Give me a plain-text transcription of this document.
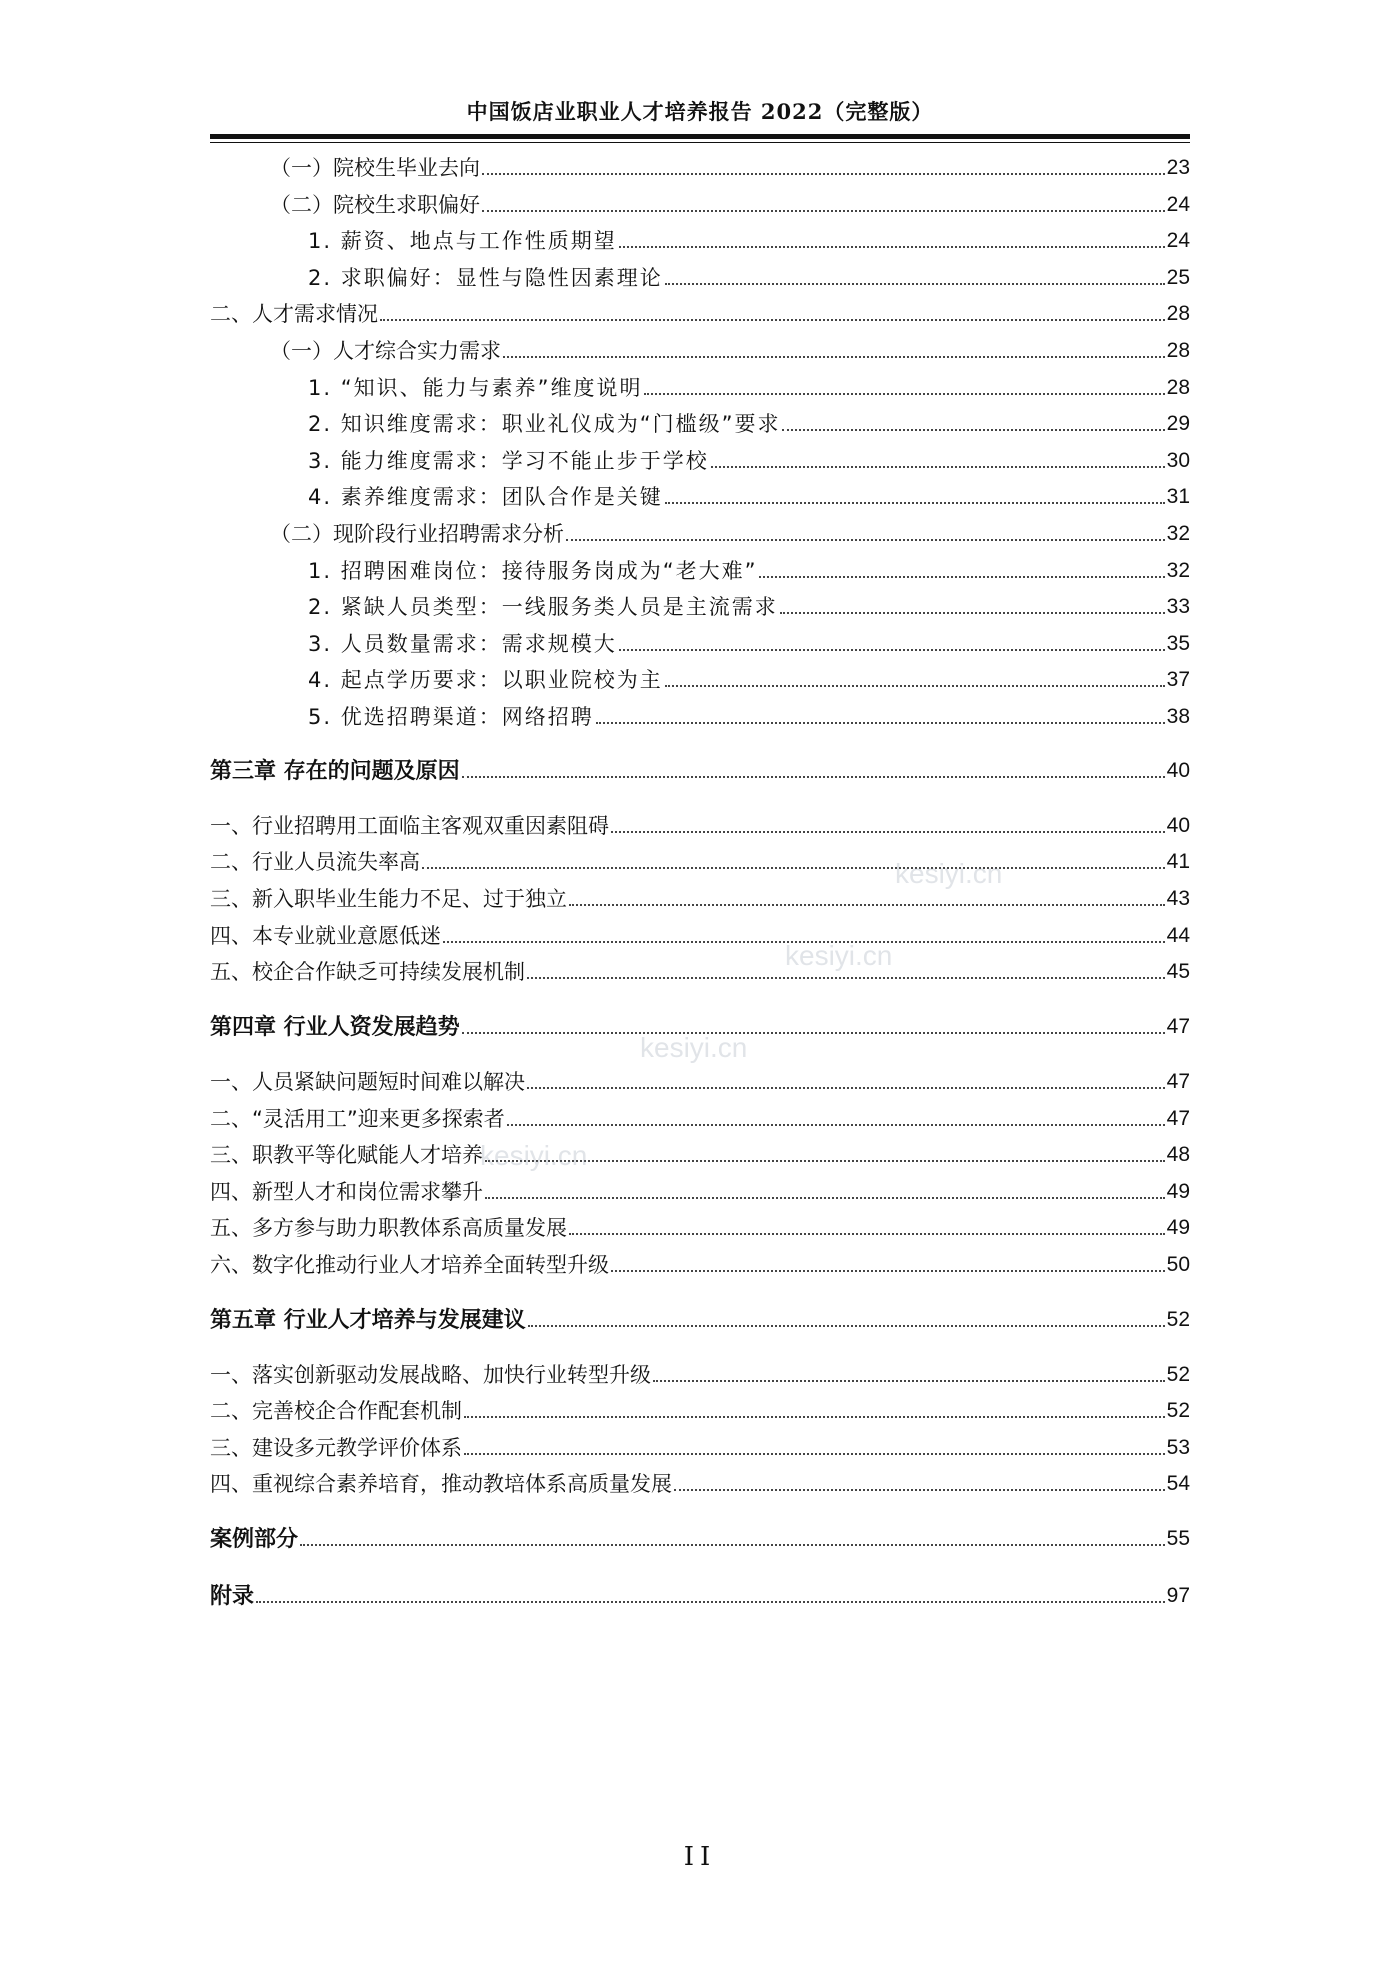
中国饭店业职业人才培养报告 2022（完整版）
（一）院校生毕业去向	23
（二）院校生求职偏好	24
1. 薪资、地点与工作性质期望	24
2. 求职偏好：显性与隐性因素理论	25
二、人才需求情况	28
（一）人才综合实力需求	28
1. “知识、能力与素养”维度说明	28
2. 知识维度需求：职业礼仪成为“门槛级”要求	29
3. 能力维度需求：学习不能止步于学校	30
4. 素养维度需求：团队合作是关键	31
（二）现阶段行业招聘需求分析	32
1. 招聘困难岗位：接待服务岗成为“老大难”	32
2. 紧缺人员类型：一线服务类人员是主流需求	33
3. 人员数量需求：需求规模大	35
4. 起点学历要求：以职业院校为主	37
5. 优选招聘渠道：网络招聘	38
第三章 存在的问题及原因	40
一、行业招聘用工面临主客观双重因素阻碍	40
二、行业人员流失率高	41
三、新入职毕业生能力不足、过于独立	43
四、本专业就业意愿低迷	44
五、校企合作缺乏可持续发展机制	45
第四章 行业人资发展趋势	47
一、人员紧缺问题短时间难以解决	47
二、“灵活用工”迎来更多探索者	47
三、职教平等化赋能人才培养	48
四、新型人才和岗位需求攀升	49
五、多方参与助力职教体系高质量发展	49
六、数字化推动行业人才培养全面转型升级	50
第五章 行业人才培养与发展建议	52
一、落实创新驱动发展战略、加快行业转型升级	52
二、完善校企合作配套机制	52
三、建设多元教学评价体系	53
四、重视综合素养培育，推动教培体系高质量发展	54
案例部分	55
附录	97
kesiyi.cn
kesiyi.cn
kesiyi.cn
kesiyi.cn
II
